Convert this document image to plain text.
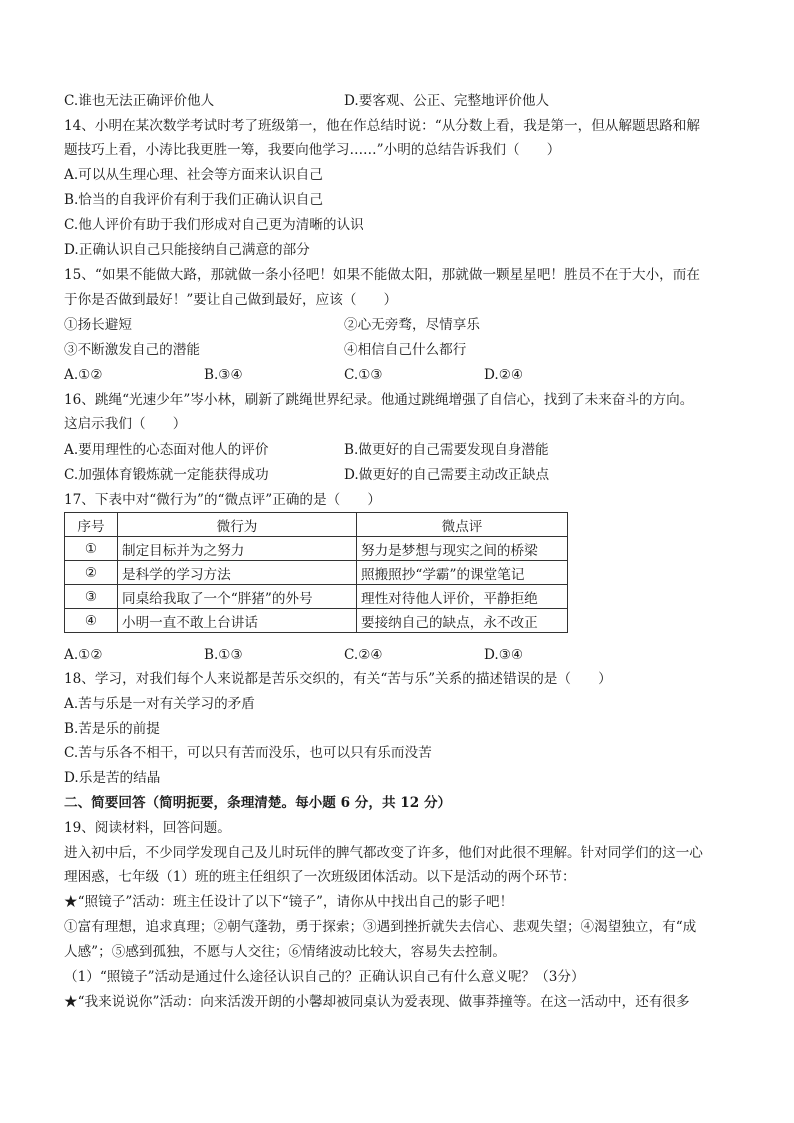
C.谁也无法正确评价他人	D.要客观、公正、完整地评价他人
14、小明在某次数学考试时考了班级第一，他在作总结时说：“从分数上看，我是第一，但从解题思路和解
题技巧上看，小涛比我更胜一筹，我要向他学习……”小明的总结告诉我们（　　）
A.可以从生理心理、社会等方面来认识自己
B.恰当的自我评价有利于我们正确认识自己
C.他人评价有助于我们形成对自己更为清晰的认识
D.正确认识自己只能接纳自己满意的部分
15、“如果不能做大路，那就做一条小径吧！如果不能做太阳，那就做一颗星星吧！胜员不在于大小，而在
于你是否做到最好！”要让自己做到最好，应该（　　）
①扬长避短	②心无旁骛，尽情享乐
③不断激发自己的潜能	④相信自己什么都行
A.①②	B.③④	C.①③	D.②④
16、跳绳“光速少年”岑小林，刷新了跳绳世界纪录。他通过跳绳增强了自信心，找到了未来奋斗的方向。
这启示我们（　　）
A.要用理性的心态面对他人的评价	B.做更好的自己需要发现自身潜能
C.加强体育锻炼就一定能获得成功	D.做更好的自己需要主动改正缺点
17、下表中对“微行为”的“微点评”正确的是（　　）
序号	微行为	微点评
①	制定目标并为之努力	努力是梦想与现实之间的桥梁
②	是科学的学习方法	照搬照抄“学霸”的课堂笔记
③	同桌给我取了一个“胖猪”的外号	理性对待他人评价，平静拒绝
④	小明一直不敢上台讲话	要接纳自己的缺点，永不改正
A.①②	B.①③	C.②④	D.③④
18、学习，对我们每个人来说都是苦乐交织的，有关“苦与乐”关系的描述错误的是（　　）
A.苦与乐是一对有关学习的矛盾
B.苦是乐的前提
C.苦与乐各不相干，可以只有苦而没乐，也可以只有乐而没苦
D.乐是苦的结晶
二、简要回答（简明扼要，条理清楚。每小题 6 分，共 12 分）
19、阅读材料，回答问题。
进入初中后，不少同学发现自己及儿时玩伴的脾气都改变了许多，他们对此很不理解。针对同学们的这一心
理困惑，七年级（1）班的班主任组织了一次班级团体活动。以下是活动的两个环节：
★“照镜子”活动：班主任设计了以下“镜子”，请你从中找出自己的影子吧！
①富有理想，追求真理；②朝气蓬勃，勇于探索；③遇到挫折就失去信心、悲观失望；④渴望独立，有“成
人感”；⑤感到孤独，不愿与人交往；⑥情绪波动比较大，容易失去控制。
（1）“照镜子”活动是通过什么途径认识自己的？正确认识自己有什么意义呢？（3分）
★“我来说说你”活动：向来活泼开朗的小馨却被同桌认为爱表现、做事莽撞等。在这一活动中，还有很多
